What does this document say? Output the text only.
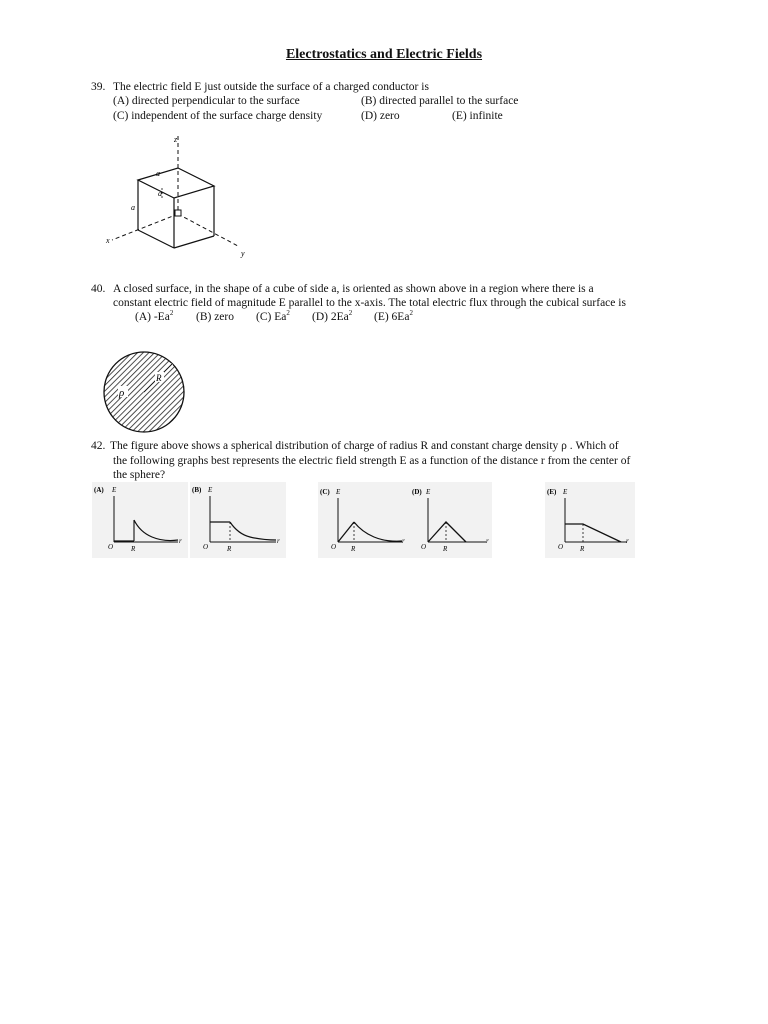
Electrostatics and Electric Fields
39. The electric field E just outside the surface of a charged conductor is
(A) directed perpendicular to the surface	(B) directed parallel to the surface
(C) independent of the surface charge density	(D) zero	(E) infinite
z
x
y
a
a
a
40. A closed surface, in the shape of a cube of side a, is oriented as shown above in a region where there is a
constant electric field of magnitude E parallel to the x-axis. The total electric flux through the cubical surface is
(A) -Ea$^2$ (B) zero (C) Ea$^2$ (D) 2Ea$^2$ (E) 6Ea$^2$
ρ
R
42. The figure above shows a spherical distribution of charge of radius R and constant charge density ρ . Which of
the following graphs best represents the electric field strength E as a function of the distance r from the center of
the sphere?
(A) E
O	R
r
(B) E
O	R
r
(C) E
O R
r
(D) E
O R
r
(E) E
O R
r
